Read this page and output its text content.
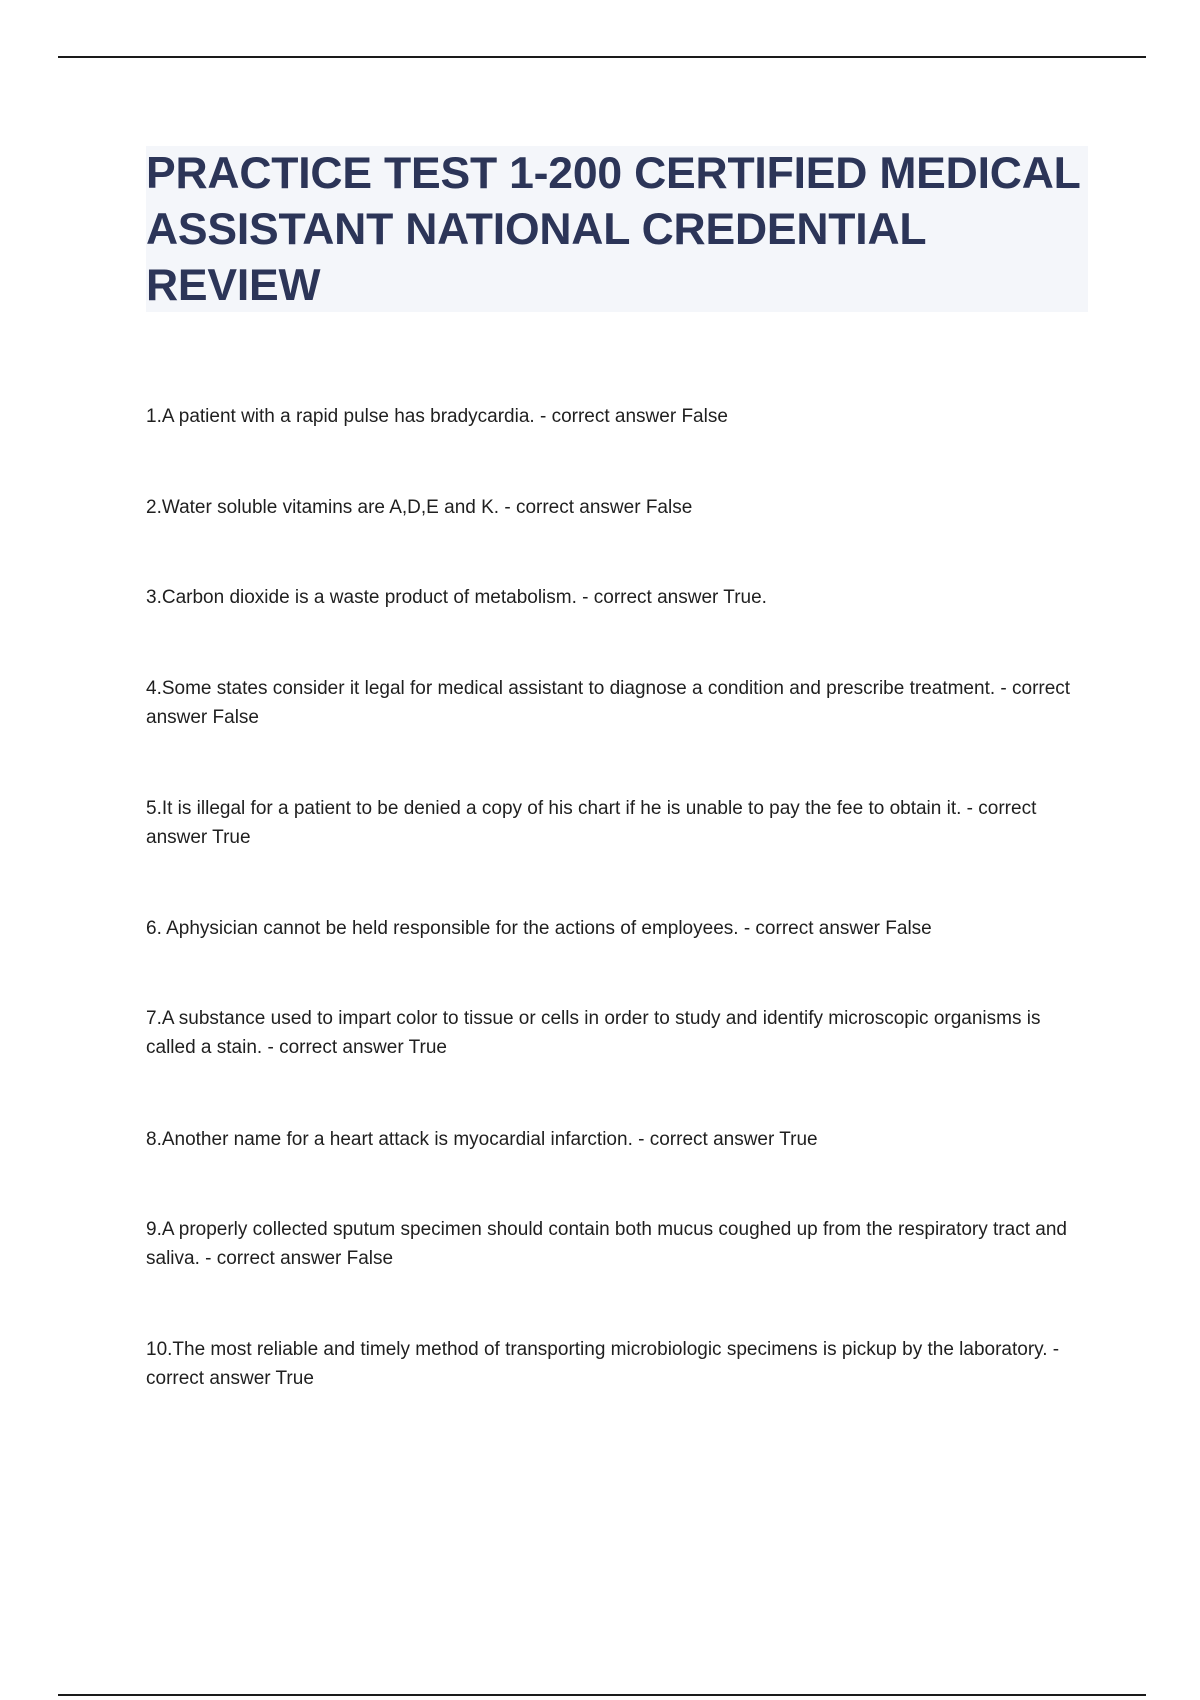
PRACTICE TEST 1-200 CERTIFIED MEDICAL ASSISTANT NATIONAL CREDENTIAL REVIEW
1.A patient with a rapid pulse has bradycardia. - correct answer False
2.Water soluble vitamins are A,D,E and K. - correct answer False
3.Carbon dioxide is a waste product of metabolism. - correct answer True.
4.Some states consider it legal for medical assistant to diagnose a condition and prescribe treatment. - correct answer False
5.It is illegal for a patient to be denied a copy of his chart if he is unable to pay the fee to obtain it. - correct answer True
6. Aphysician cannot be held responsible for the actions of employees. - correct answer False
7.A substance used to impart color to tissue or cells in order to study and identify microscopic organisms is called a stain. - correct answer True
8.Another name for a heart attack is myocardial infarction. - correct answer True
9.A properly collected sputum specimen should contain both mucus coughed up from the respiratory tract and saliva. - correct answer False
10.The most reliable and timely method of transporting microbiologic specimens is pickup by the laboratory. - correct answer True
